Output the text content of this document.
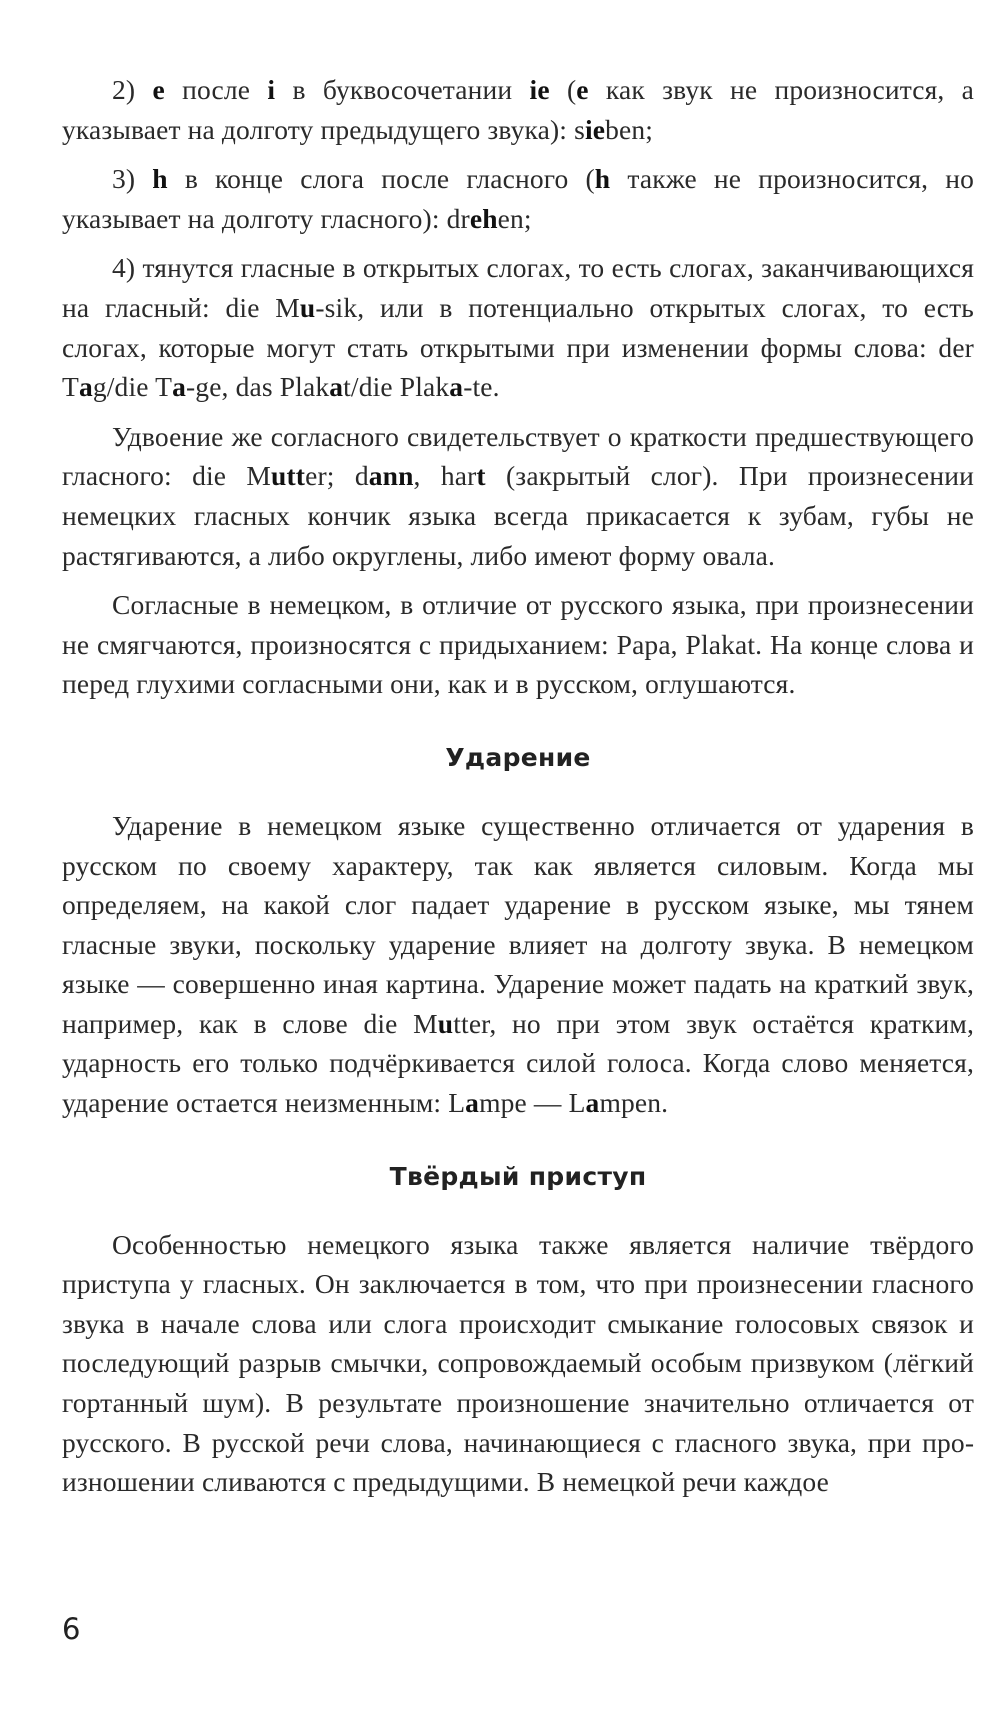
2) е после i в буквосочетании ie (е как звук не произносится, а указывает на долготу предыдущего звука): sieben;

3) h в конце слога после гласного (h также не произносится, но указывает на долготу гласного): drehen;

4) тянутся гласные в открытых слогах, то есть слогах, заканчивающихся на гласный: die Mu-sik, или в потенциально открытых слогах, то есть слогах, которые могут стать открытыми при изменении формы слова: der Tag/die Ta-ge, das Plakat/die Plaka-te.

Удвоение же согласного свидетельствует о краткости предшествующего гласного: die Mutter; dann, hart (закрытый слог). При произнесении немецких гласных кончик языка всегда прикасается к зубам, губы не растягиваются, а либо округлены, либо имеют форму овала.

Согласные в немецком, в отличие от русского языка, при произнесении не смягчаются, произносятся с придыханием: Papa, Plakat. На конце слова и перед глухими согласными они, как и в русском, оглушаются.

Ударение

Ударение в немецком языке существенно отличается от ударения в русском по своему характеру, так как является силовым. Когда мы определяем, на какой слог падает ударение в русском языке, мы тянем гласные звуки, поскольку ударение влияет на долготу звука. В немецком языке — совершенно иная картина. Ударение может падать на краткий звук, например, как в слове die Mutter, но при этом звук остаётся кратким, ударность его только подчёркивается силой голоса. Когда слово меняется, ударение остается неизменным: Lampe — Lampen.

Твёрдый приступ

Особенностью немецкого языка также является наличие твёрдого приступа у гласных. Он заключается в том, что при произнесении гласного звука в начале слова или слога происходит смыкание голосовых связок и последующий разрыв смычки, сопровождаемый особым призвуком (лёгкий гортанный шум). В результате произношение значительно отличается от русского. В русской речи слова, начинающиеся с гласного звука, при произношении сливаются с предыдущими. В немецкой речи каждое

6
